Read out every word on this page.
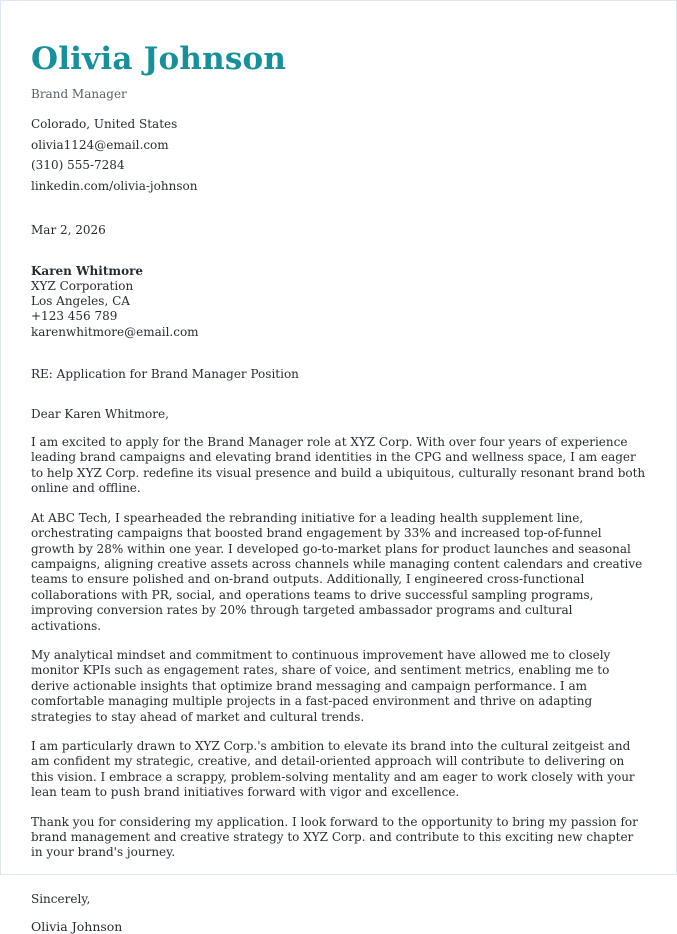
Olivia Johnson
Brand Manager
Colorado, United States
olivia1124@email.com
(310) 555-7284
linkedin.com/olivia-johnson
Mar 2, 2026
Karen Whitmore
XYZ Corporation
Los Angeles, CA
+123 456 789
karenwhitmore@email.com
RE: Application for Brand Manager Position
Dear Karen Whitmore,

I am excited to apply for the Brand Manager role at XYZ Corp. With over four years of experience leading brand campaigns and elevating brand identities in the CPG and wellness space, I am eager to help XYZ Corp. redefine its visual presence and build a ubiquitous, culturally resonant brand both online and offline.

At ABC Tech, I spearheaded the rebranding initiative for a leading health supplement line, orchestrating campaigns that boosted brand engagement by 33% and increased top-of-funnel growth by 28% within one year. I developed go-to-market plans for product launches and seasonal campaigns, aligning creative assets across channels while managing content calendars and creative teams to ensure polished and on-brand outputs. Additionally, I engineered cross-functional collaborations with PR, social, and operations teams to drive successful sampling programs, improving conversion rates by 20% through targeted ambassador programs and cultural activations.

My analytical mindset and commitment to continuous improvement have allowed me to closely monitor KPIs such as engagement rates, share of voice, and sentiment metrics, enabling me to derive actionable insights that optimize brand messaging and campaign performance. I am comfortable managing multiple projects in a fast-paced environment and thrive on adapting strategies to stay ahead of market and cultural trends.

I am particularly drawn to XYZ Corp.'s ambition to elevate its brand into the cultural zeitgeist and am confident my strategic, creative, and detail-oriented approach will contribute to delivering on this vision. I embrace a scrappy, problem-solving mentality and am eager to work closely with your lean team to push brand initiatives forward with vigor and excellence.

Thank you for considering my application. I look forward to the opportunity to bring my passion for brand management and creative strategy to XYZ Corp. and contribute to this exciting new chapter in your brand's journey.

Sincerely,
Olivia Johnson
